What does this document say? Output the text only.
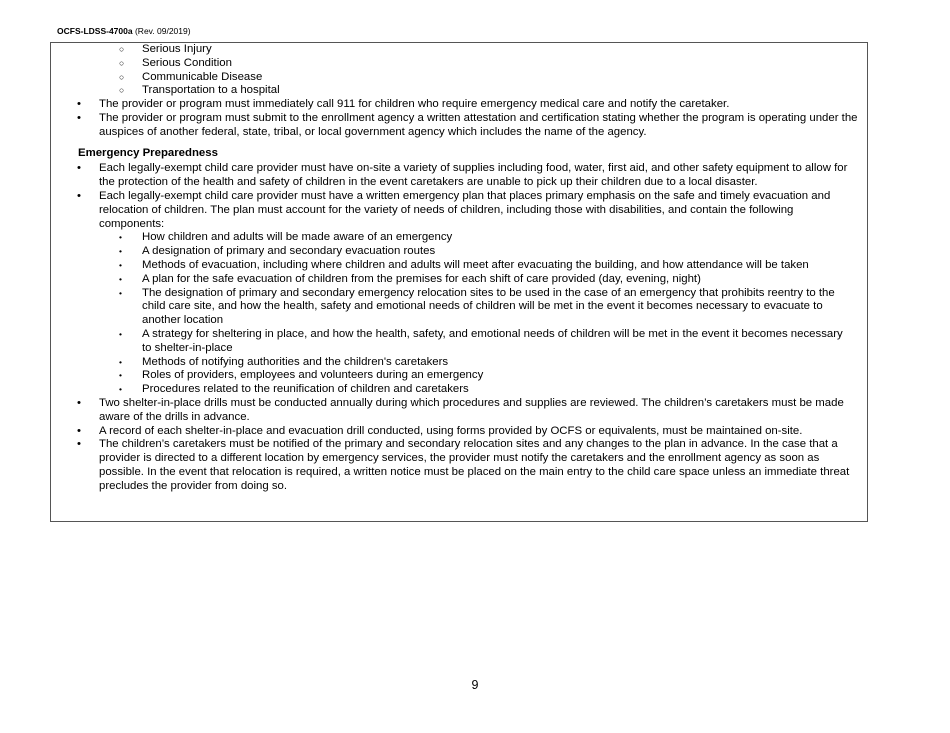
OCFS-LDSS-4700a (Rev. 09/2019)
○ Serious Injury
○ Serious Condition
○ Communicable Disease
○ Transportation to a hospital
• The provider or program must immediately call 911 for children who require emergency medical care and notify the caretaker.
• The provider or program must submit to the enrollment agency a written attestation and certification stating whether the program is operating under the auspices of another federal, state, tribal, or local government agency which includes the name of the agency.
Emergency Preparedness
• Each legally-exempt child care provider must have on-site a variety of supplies including food, water, first aid, and other safety equipment to allow for the protection of the health and safety of children in the event caretakers are unable to pick up their children due to a local disaster.
• Each legally-exempt child care provider must have a written emergency plan that places primary emphasis on the safe and timely evacuation and relocation of children. The plan must account for the variety of needs of children, including those with disabilities, and contain the following components:
• How children and adults will be made aware of an emergency
• A designation of primary and secondary evacuation routes
• Methods of evacuation, including where children and adults will meet after evacuating the building, and how attendance will be taken
• A plan for the safe evacuation of children from the premises for each shift of care provided (day, evening, night)
• The designation of primary and secondary emergency relocation sites to be used in the case of an emergency that prohibits reentry to the child care site, and how the health, safety and emotional needs of children will be met in the event it becomes necessary to evacuate to another location
• A strategy for sheltering in place, and how the health, safety, and emotional needs of children will be met in the event it becomes necessary to shelter-in-place
• Methods of notifying authorities and the children's caretakers
• Roles of providers, employees and volunteers during an emergency
• Procedures related to the reunification of children and caretakers
• Two shelter-in-place drills must be conducted annually during which procedures and supplies are reviewed. The children’s caretakers must be made aware of the drills in advance.
• A record of each shelter-in-place and evacuation drill conducted, using forms provided by OCFS or equivalents, must be maintained on-site.
• The children’s caretakers must be notified of the primary and secondary relocation sites and any changes to the plan in advance. In the case that a provider is directed to a different location by emergency services, the provider must notify the caretakers and the enrollment agency as soon as possible. In the event that relocation is required, a written notice must be placed on the main entry to the child care space unless an immediate threat precludes the provider from doing so.
9
